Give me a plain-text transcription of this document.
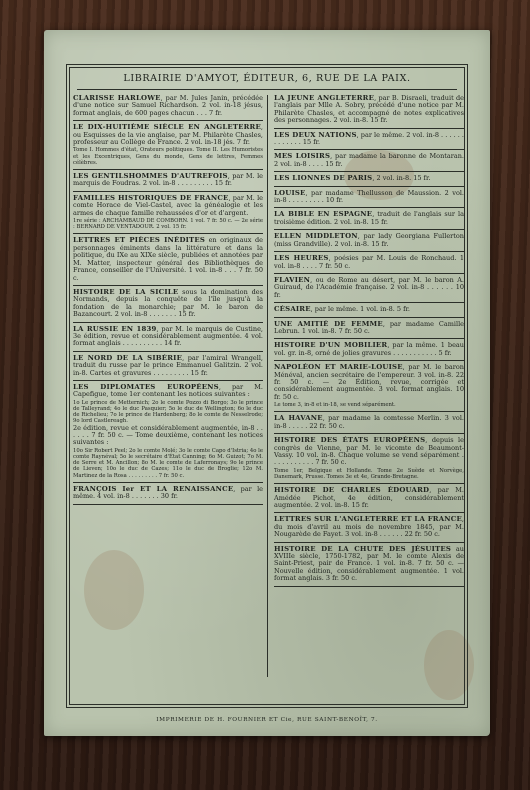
LIBRAIRIE D'AMYOT, ÉDITEUR, 6, RUE DE LA PAIX.
CLARISSE HARLOWE, par M. Jules Janin, précédée d'une notice sur Samuel Richardson. 2 vol. in-18 jésus, format anglais, de 600 pages chacun . . . 7 fr.
LE DIX-HUITIÈME SIÈCLE EN ANGLETERRE, ou Esquisses de la vie anglaise, par M. Philarète Chasles, professeur au Collège de France. 2 vol. in-18 jés. 7 fr.
Tome I. Hommes d'état, Orateurs politiques. Tome II. Les Humoristes et les Excentriques, Gens du monde, Gens de lettres, Femmes célèbres.
LES GENTILSHOMMES D'AUTREFOIS, par M. le marquis de Foudras. 2 vol. in-8 . . . . . . . . . 15 fr.
FAMILLES HISTORIQUES DE FRANCE, par M. le comte Horace de Viel-Castel, avec la généalogie et les armes de chaque famille rehaussées d'or et d'argent.
1re série : ARCHAMBAUD DE COMBORN. 1 vol. 7 fr. 50 c. — 2e série : BERNARD DE VENTADOUR. 2 vol. 15 fr.
LETTRES ET PIÈCES INÉDITES en originaux de personnages éminents dans la littérature et dans la politique, du IXe au XIXe siècle, publiées et annotées par M. Matter, inspecteur général des Bibliothèques de France, conseiller de l'Université. 1 vol. in-8 . . . 7 fr. 50 c.
HISTOIRE DE LA SICILE sous la domination des Normands, depuis la conquête de l'île jusqu'à la fondation de la monarchie; par M. le baron de Bazancourt. 2 vol. in-8 . . . . . . . 15 fr.
LA RUSSIE EN 1839, par M. le marquis de Custine, 3e édition, revue et considérablement augmentée. 4 vol. format anglais . . . . . . . . . . 14 fr.
LE NORD DE LA SIBÉRIE, par l'amiral Wrangell, traduit du russe par le prince Emmanuel Galitzin. 2 vol. in-8. Cartes et gravures . . . . . . . . . 15 fr.
LES DIPLOMATES EUROPÉENS, par M. Capefigue, tome 1er contenant les notices suivantes :
1o Le prince de Metternich; 2o le comte Pozzo di Borgo; 3o le prince de Talleyrand; 4o le duc Pasquier; 5o le duc de Wellington; 6o le duc de Richelieu; 7o le prince de Hardenberg; 8o le comte de Nesselrode; 9o lord Castlereagh.
2e édition, revue et considérablement augmentée, in-8 . . . . . . 7 fr. 50 c. — Tome deuxième, contenant les notices suivantes :
10o Sir Robert Peel; 2o le comte Molé; 3o le comte Capo d'Istria; 4o le comte Raynéval; 5o le secrétaire d'État Canning; 6o M. Guizot; 7o M. de Serre et M. Ancillon; 8o M. le comte de Laferronays; 9o le prince de Lieven; 10o le duc de Cazes; 11o le duc de Broglie; 12o M. Martinez de la Rosa . . . . . . . . . 7 fr. 50 c.
FRANÇOIS Ier ET LA RENAISSANCE, par le même. 4 vol. in-8 . . . . . . . 30 fr.
LA JEUNE ANGLETERRE, par B. Disraeli, traduit de l'anglais par Mlle A. Sobry, précédé d'une notice par M. Philarète Chasles, et accompagné de notes explicatives des personnages. 2 vol. in-8. 15 fr.
LES DEUX NATIONS, par le même. 2 vol. in-8 . . . . . . . . . . . . . 15 fr.
MES LOISIRS, par madame la baronne de Montaran. 2 vol. in-8 . . . . 15 fr.
LES LIONNES DE PARIS, 2 vol. in-8. 15 fr.
LOUISE, par madame Thellusson de Maussion. 2 vol. in-8 . . . . . . . . . 10 fr.
LA BIBLE EN ESPAGNE, traduit de l'anglais sur la troisième édition. 2 vol. in-8. 15 fr.
ELLEN MIDDLETON, par lady Georgiana Fullerton (miss Grandville). 2 vol. in-8. 15 fr.
LES HEURES, poésies par M. Louis de Ronchaud. 1 vol. in-8 . . . . 7 fr. 50 c.
FLAVIEN, ou de Rome au désert, par M. le baron A. Guiraud, de l'Académie française. 2 vol. in-8 . . . . . . 10 fr.
CÉSAIRE, par le même. 1 vol. in-8. 5 fr.
UNE AMITIÉ DE FEMME, par madame Camille Lebrun. 1 vol. in-8. 7 fr. 50 c.
HISTOIRE D'UN MOBILIER, par la même. 1 beau vol. gr. in-8, orné de jolies gravures . . . . . . . . . . . 5 fr.
NAPOLÉON ET MARIE-LOUISE, par M. le baron Ménéval, ancien secrétaire de l'empereur. 3 vol. in-8. 22 fr. 50 c. — 2e Édition, revue, corrigée et considérablement augmentée. 3 vol. format anglais. 10 fr. 50 c.
Le tome 3, in-8 et in-18, se vend séparément.
LA HAVANE, par madame la comtesse Merlin. 3 vol. in-8 . . . . . 22 fr. 50 c.
HISTOIRE DES ÉTATS EUROPÉENS, depuis le congrès de Vienne, par M. le vicomte de Beaumont-Vassy. 10 vol. in-8. Chaque volume se vend séparément . . . . . . . . . . . 7 fr. 50 c.
Tome 1er, Belgique et Hollande. Tome 2e Suède et Norvège, Danemark, Prusse. Tomes 3e et 4e, Grande-Bretagne.
HISTOIRE DE CHARLES ÉDOUARD, par M. Amédée Pichot, 4e édition, considérablement augmentée. 2 vol. in-8. 15 fr.
LETTRES SUR L'ANGLETERRE ET LA FRANCE, du mois d'avril au mois de novembre 1845, par M. Nougarède de Fayet. 3 vol. in-8 . . . . . . 22 fr. 50 c.
HISTOIRE DE LA CHUTE DES JÉSUITES au XVIIIe siècle, 1750-1782, par M. le comte Alexis de Saint-Priest, pair de France. 1 vol. in-8. 7 fr. 50 c. — Nouvelle édition, considérablement augmentée. 1 vol. format anglais. 3 fr. 50 c.
IMPRIMERIE DE H. FOURNIER ET Cie, RUE SAINT-BENOÎT, 7.
